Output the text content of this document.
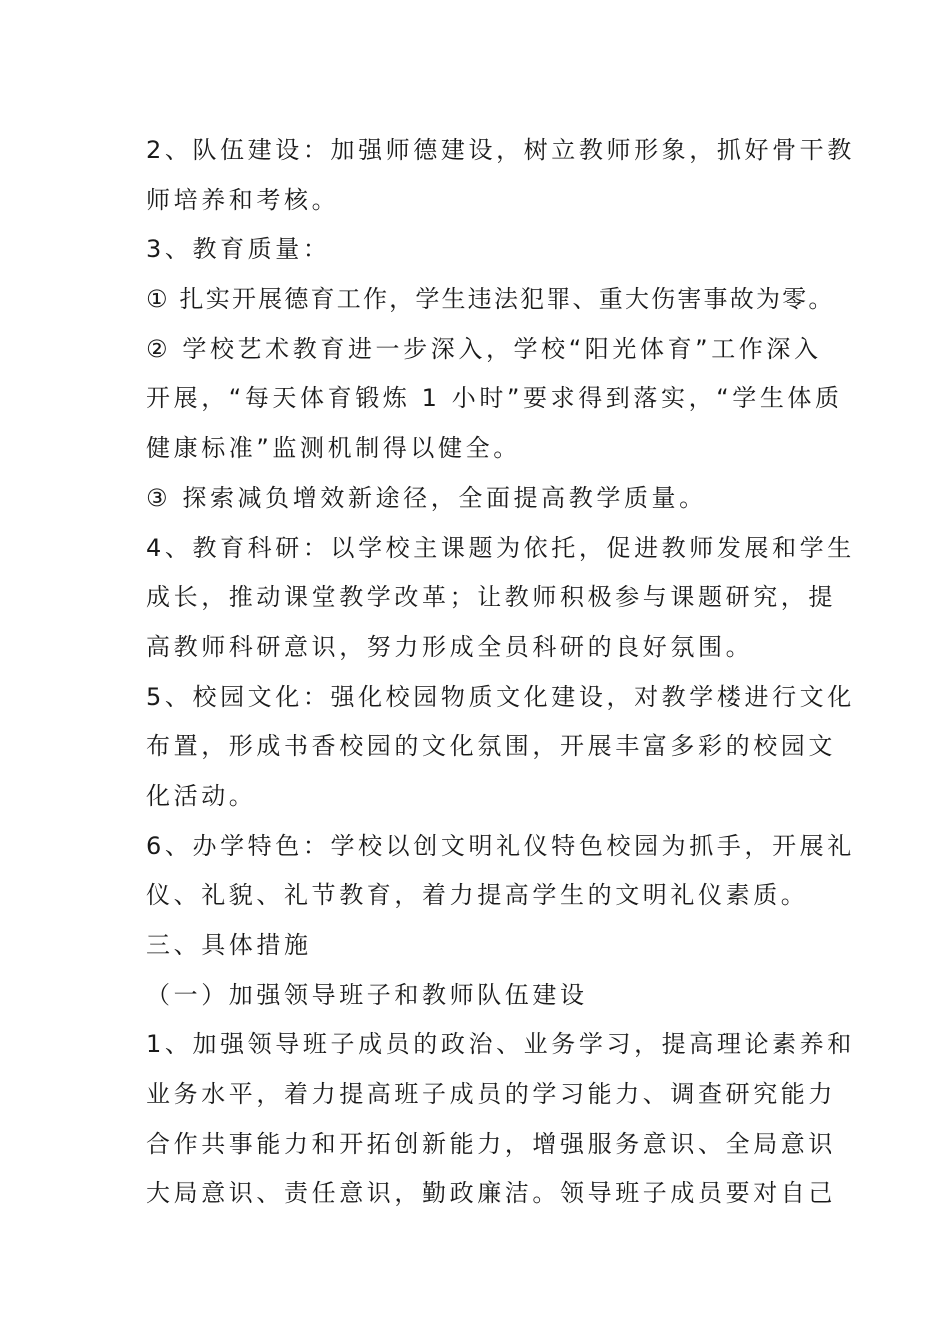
2、队伍建设：加强师德建设，树立教师形象，抓好骨干教
师培养和考核。
3、教育质量：
① 扎实开展德育工作，学生违法犯罪、重大伤害事故为零。
② 学校艺术教育进一步深入，学校“阳光体育”工作深入
开展，“每天体育锻炼 1 小时”要求得到落实，“学生体质
健康标准”监测机制得以健全。
③ 探索减负增效新途径，全面提高教学质量。
4、教育科研：以学校主课题为依托，促进教师发展和学生
成长，推动课堂教学改革；让教师积极参与课题研究，提
高教师科研意识，努力形成全员科研的良好氛围。
5、校园文化：强化校园物质文化建设，对教学楼进行文化
布置，形成书香校园的文化氛围，开展丰富多彩的校园文
化活动。
6、办学特色：学校以创文明礼仪特色校园为抓手，开展礼
仪、礼貌、礼节教育，着力提高学生的文明礼仪素质。
三、具体措施
（一）加强领导班子和教师队伍建设
1、加强领导班子成员的政治、业务学习，提高理论素养和
业务水平，着力提高班子成员的学习能力、调查研究能力
合作共事能力和开拓创新能力，增强服务意识、全局意识
大局意识、责任意识，勤政廉洁。领导班子成员要对自己
